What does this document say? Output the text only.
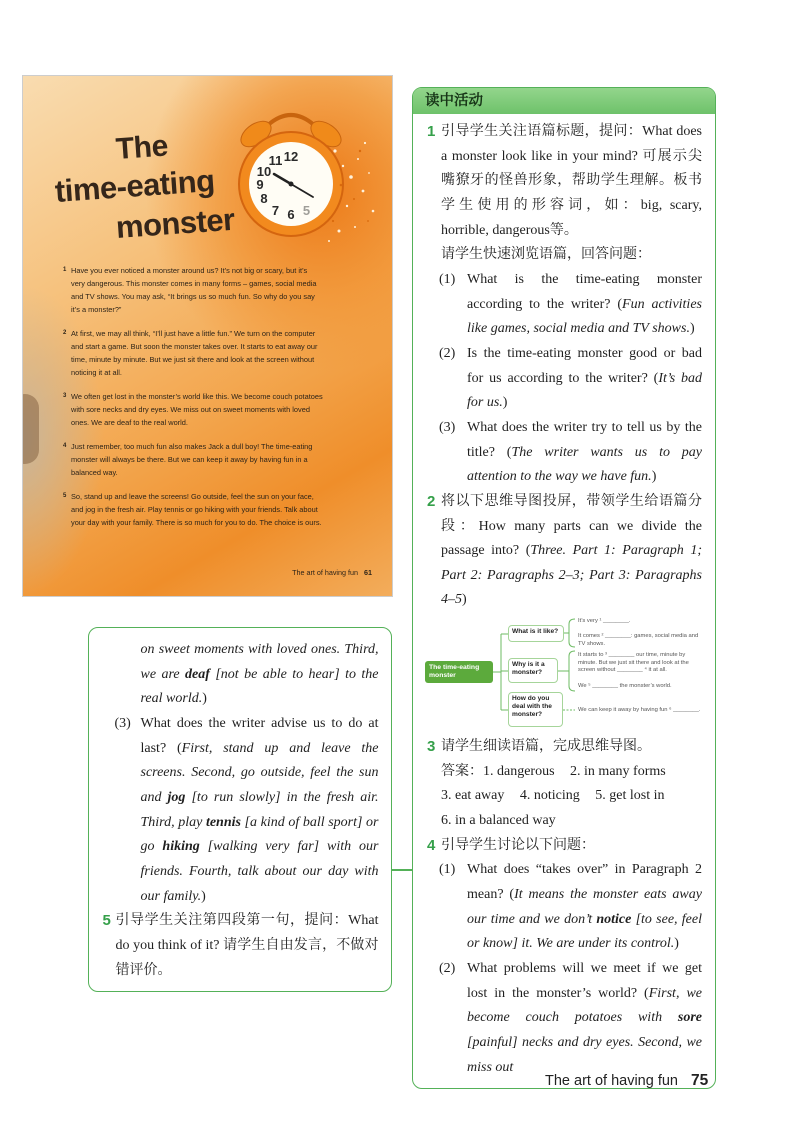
12
11
10
9
8
7 6 5
The
time-eating
monster
1 Have you ever noticed a monster around us? It’s not big or scary, but it’s very dangerous. This monster comes in many forms – games, social media and TV shows. You may ask, “It brings us so much fun. So why do you say it’s a monster?”
2 At first, we may all think, “I’ll just have a little fun.” We turn on the computer and start a game. But soon the monster takes over. It starts to eat away our time, minute by minute. But we just sit there and look at the screen without noticing it at all.
3 We often get lost in the monster’s world like this. We become couch potatoes with sore necks and dry eyes. We miss out on sweet moments with loved ones. We are deaf to the real world.
4 Just remember, too much fun also makes Jack a dull boy! The time-eating monster will always be there. But we can keep it away by having fun in a balanced way.
5 So, stand up and leave the screens! Go outside, feel the sun on your face, and jog in the fresh air. Play tennis or go hiking with your friends. Talk about your day with your family. There is so much for you to do. The choice is ours.
The art of having fun 61
读中活动
1 引导学生关注语篇标题，提问：What does a monster look like in your mind? 可展示尖嘴獠牙的怪兽形象，帮助学生理解。板书学生使用的形容词，如：big, scary, horrible, dangerous等。

请学生快速浏览语篇，回答问题：

(1) What is the time-eating monster according to the writer? (Fun activities like games, social media and TV shows.)

(2) Is the time-eating monster good or bad for us according to the writer? (It’s bad for us.)

(3) What does the writer try to tell us by the title? (The writer wants us to pay attention to the way we have fun.)

2 将以下思维导图投屏，带领学生给语篇分段：How many parts can we divide the passage into? (Three. Part 1: Paragraph 1; Part 2: Paragraphs 2–3; Part 3: Paragraphs 4–5)

The time-eating monster
What is it like?
Why is it a monster?
How do you deal with the monster?
It’s very ¹ ________.
It comes ² ________: games, social media and TV shows.
It starts to ³ ________ our time, minute by minute. But we just sit there and look at the screen without ________ ⁴ it at all.
We ⁵ ________ the monster’s world.
We can keep it away by having fun ⁶ ________.
3 请学生细读语篇，完成思维导图。

答案：1. dangerous 2. in many forms 3. eat away 4. noticing 5. get lost in 6. in a balanced way
4 引导学生讨论以下问题：

(1) What does “takes over” in Paragraph 2 mean? (It means the monster eats away our time and we don’t notice [to see, feel or know] it. We are under its control.)

(2) What problems will we meet if we get lost in the monster’s world? (First, we become couch potatoes with sore [painful] necks and dry eyes. Second, we miss out

on sweet moments with loved ones. Third, we are deaf [not be able to hear] to the real world.)

(3) What does the writer advise us to do at last? (First, stand up and leave the screens. Second, go outside, feel the sun and jog [to run slowly] in the fresh air. Third, play tennis [a kind of ball sport] or go hiking [walking very far] with our friends. Fourth, talk about our day with our family.)

5 引导学生关注第四段第一句，提问：What do you think of it? 请学生自由发言，不做对错评价。

The art of having fun 75
